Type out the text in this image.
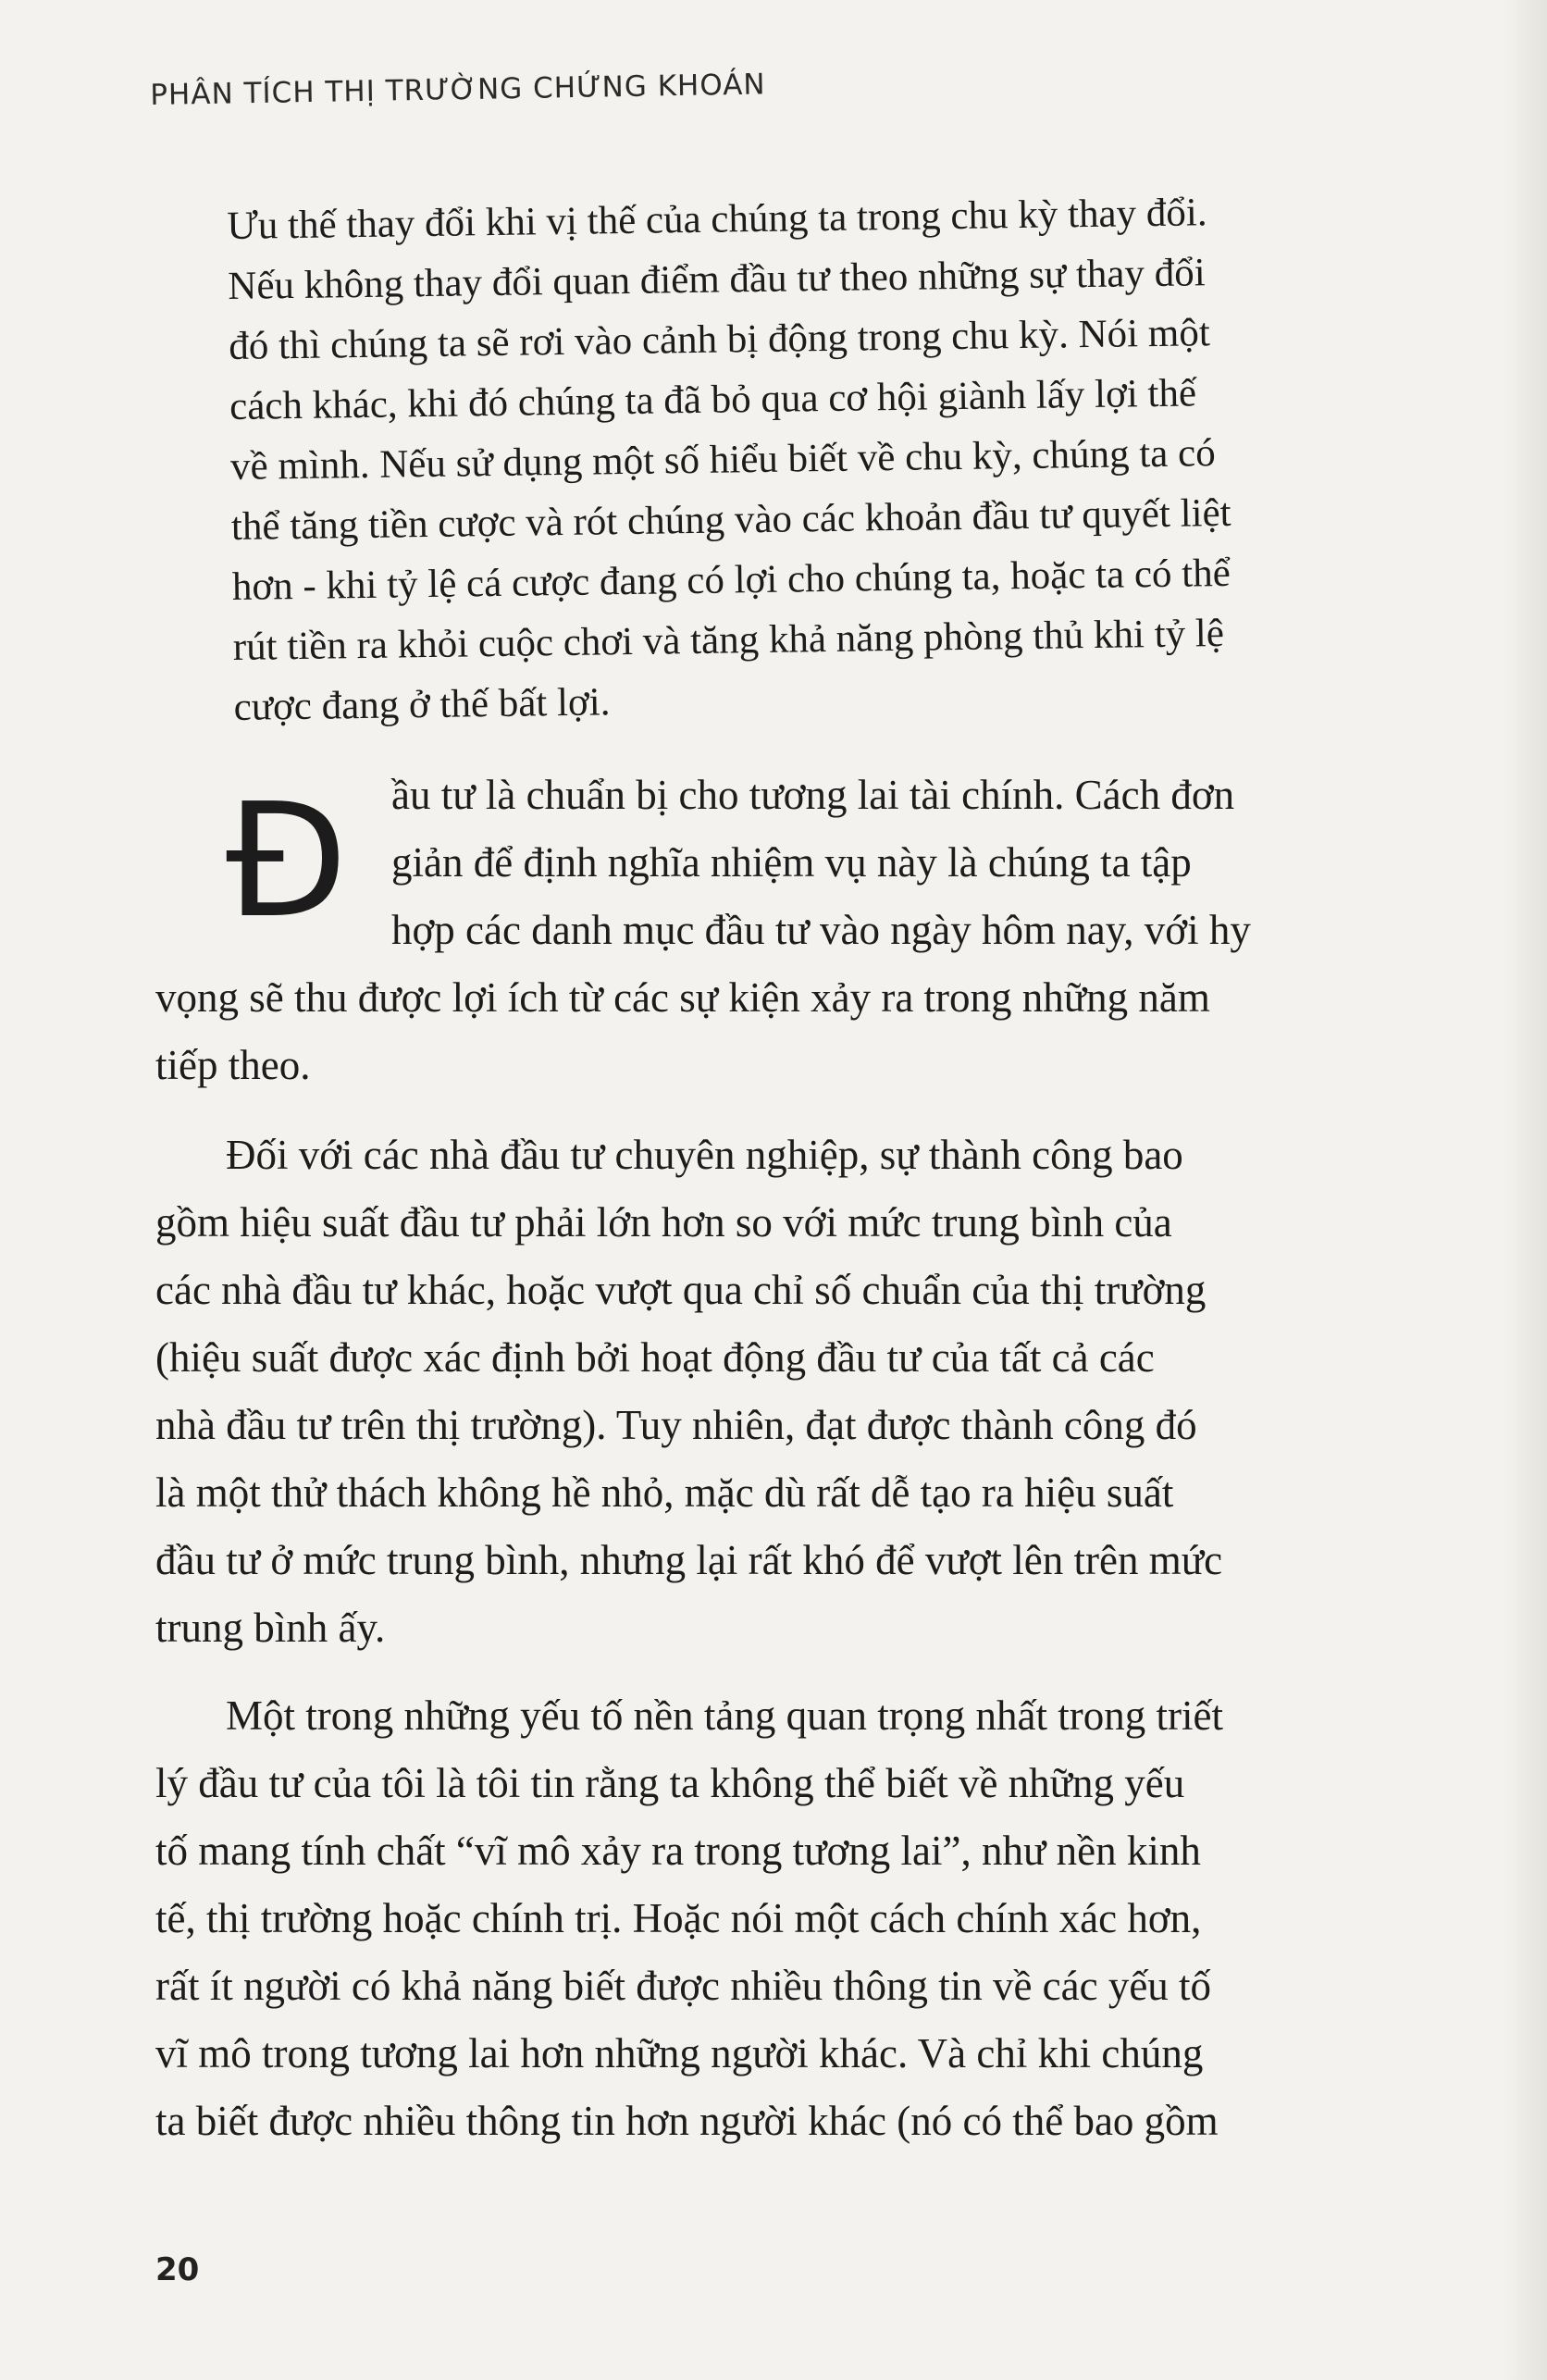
PHÂN TÍCH THỊ TRƯỜNG CHỨNG KHOÁN

Ưu thế thay đổi khi vị thế của chúng ta trong chu kỳ thay đổi.
Nếu không thay đổi quan điểm đầu tư theo những sự thay đổi
đó thì chúng ta sẽ rơi vào cảnh bị động trong chu kỳ. Nói một
cách khác, khi đó chúng ta đã bỏ qua cơ hội giành lấy lợi thế
về mình. Nếu sử dụng một số hiểu biết về chu kỳ, chúng ta có
thể tăng tiền cược và rót chúng vào các khoản đầu tư quyết liệt
hơn - khi tỷ lệ cá cược đang có lợi cho chúng ta, hoặc ta có thể
rút tiền ra khỏi cuộc chơi và tăng khả năng phòng thủ khi tỷ lệ
cược đang ở thế bất lợi.

Đ	ầu tư là chuẩn bị cho tương lai tài chính. Cách đơn
giản để định nghĩa nhiệm vụ này là chúng ta tập
hợp các danh mục đầu tư vào ngày hôm nay, với hy
vọng sẽ thu được lợi ích từ các sự kiện xảy ra trong những năm
tiếp theo.

Đối với các nhà đầu tư chuyên nghiệp, sự thành công bao
gồm hiệu suất đầu tư phải lớn hơn so với mức trung bình của
các nhà đầu tư khác, hoặc vượt qua chỉ số chuẩn của thị trường
(hiệu suất được xác định bởi hoạt động đầu tư của tất cả các
nhà đầu tư trên thị trường). Tuy nhiên, đạt được thành công đó
là một thử thách không hề nhỏ, mặc dù rất dễ tạo ra hiệu suất
đầu tư ở mức trung bình, nhưng lại rất khó để vượt lên trên mức
trung bình ấy.

Một trong những yếu tố nền tảng quan trọng nhất trong triết
lý đầu tư của tôi là tôi tin rằng ta không thể biết về những yếu
tố mang tính chất “vĩ mô xảy ra trong tương lai”, như nền kinh
tế, thị trường hoặc chính trị. Hoặc nói một cách chính xác hơn,
rất ít người có khả năng biết được nhiều thông tin về các yếu tố
vĩ mô trong tương lai hơn những người khác. Và chỉ khi chúng
ta biết được nhiều thông tin hơn người khác (nó có thể bao gồm

20
